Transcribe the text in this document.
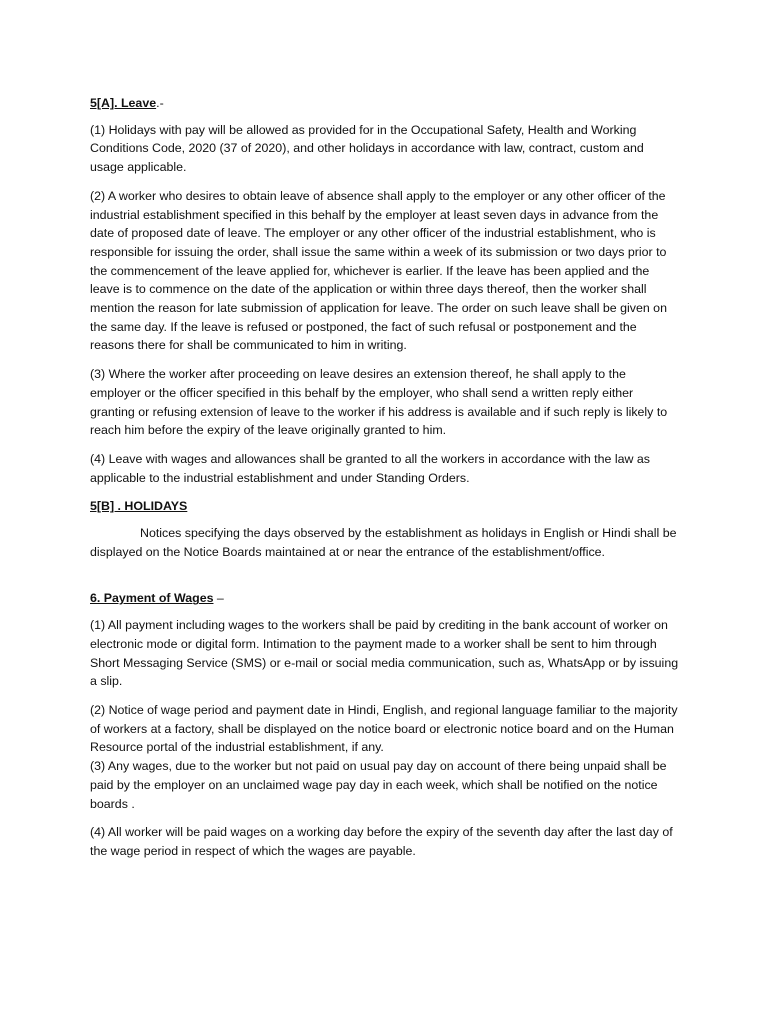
5[A]. Leave.-

(1) Holidays with pay will be allowed as provided for in the Occupational Safety, Health and Working Conditions Code, 2020 (37 of 2020), and other holidays in accordance with law, contract, custom and usage applicable.

(2) A worker who desires to obtain leave of absence shall apply to the employer or any other officer of the industrial establishment specified in this behalf by the employer at least seven days in advance from the date of proposed date of leave. The employer or any other officer of the industrial establishment, who is responsible for issuing the order, shall issue the same within a week of its submission or two days prior to the commencement of the leave applied for, whichever is earlier. If the leave has been applied and the leave is to commence on the date of the application or within three days thereof, then the worker shall mention the reason for late submission of application for leave. The order on such leave shall be given on the same day. If the leave is refused or postponed, the fact of such refusal or postponement and the reasons there for shall be communicated to him in writing.

(3) Where the worker after proceeding on leave desires an extension thereof, he shall apply to the employer or the officer specified in this behalf by the employer, who shall send a written reply either granting or refusing extension of leave to the worker if his address is available and if such reply is likely to reach him before the expiry of the leave originally granted to him.

(4) Leave with wages and allowances shall be granted to all the workers in accordance with the law as applicable to the industrial establishment and under Standing Orders.

5[B] . HOLIDAYS

Notices specifying the days observed by the establishment as holidays in English or Hindi shall be displayed on the Notice Boards maintained at or near the entrance of the establishment/office.

6. Payment of Wages –

(1) All payment including wages to the workers shall be paid by crediting in the bank account of worker on electronic mode or digital form. Intimation to the payment made to a worker shall be sent to him through Short Messaging Service (SMS) or e-mail or social media communication, such as, WhatsApp or by issuing a slip.

(2) Notice of wage period and payment date in Hindi, English, and regional language familiar to the majority of workers at a factory, shall be displayed on the notice board or electronic notice board and on the Human Resource portal of the industrial establishment, if any.

(3) Any wages, due to the worker but not paid on usual pay day on account of there being unpaid shall be paid by the employer on an unclaimed wage pay day in each week, which shall be notified on the notice boards .

(4) All worker will be paid wages on a working day before the expiry of the seventh day after the last day of the wage period in respect of which the wages are payable.
